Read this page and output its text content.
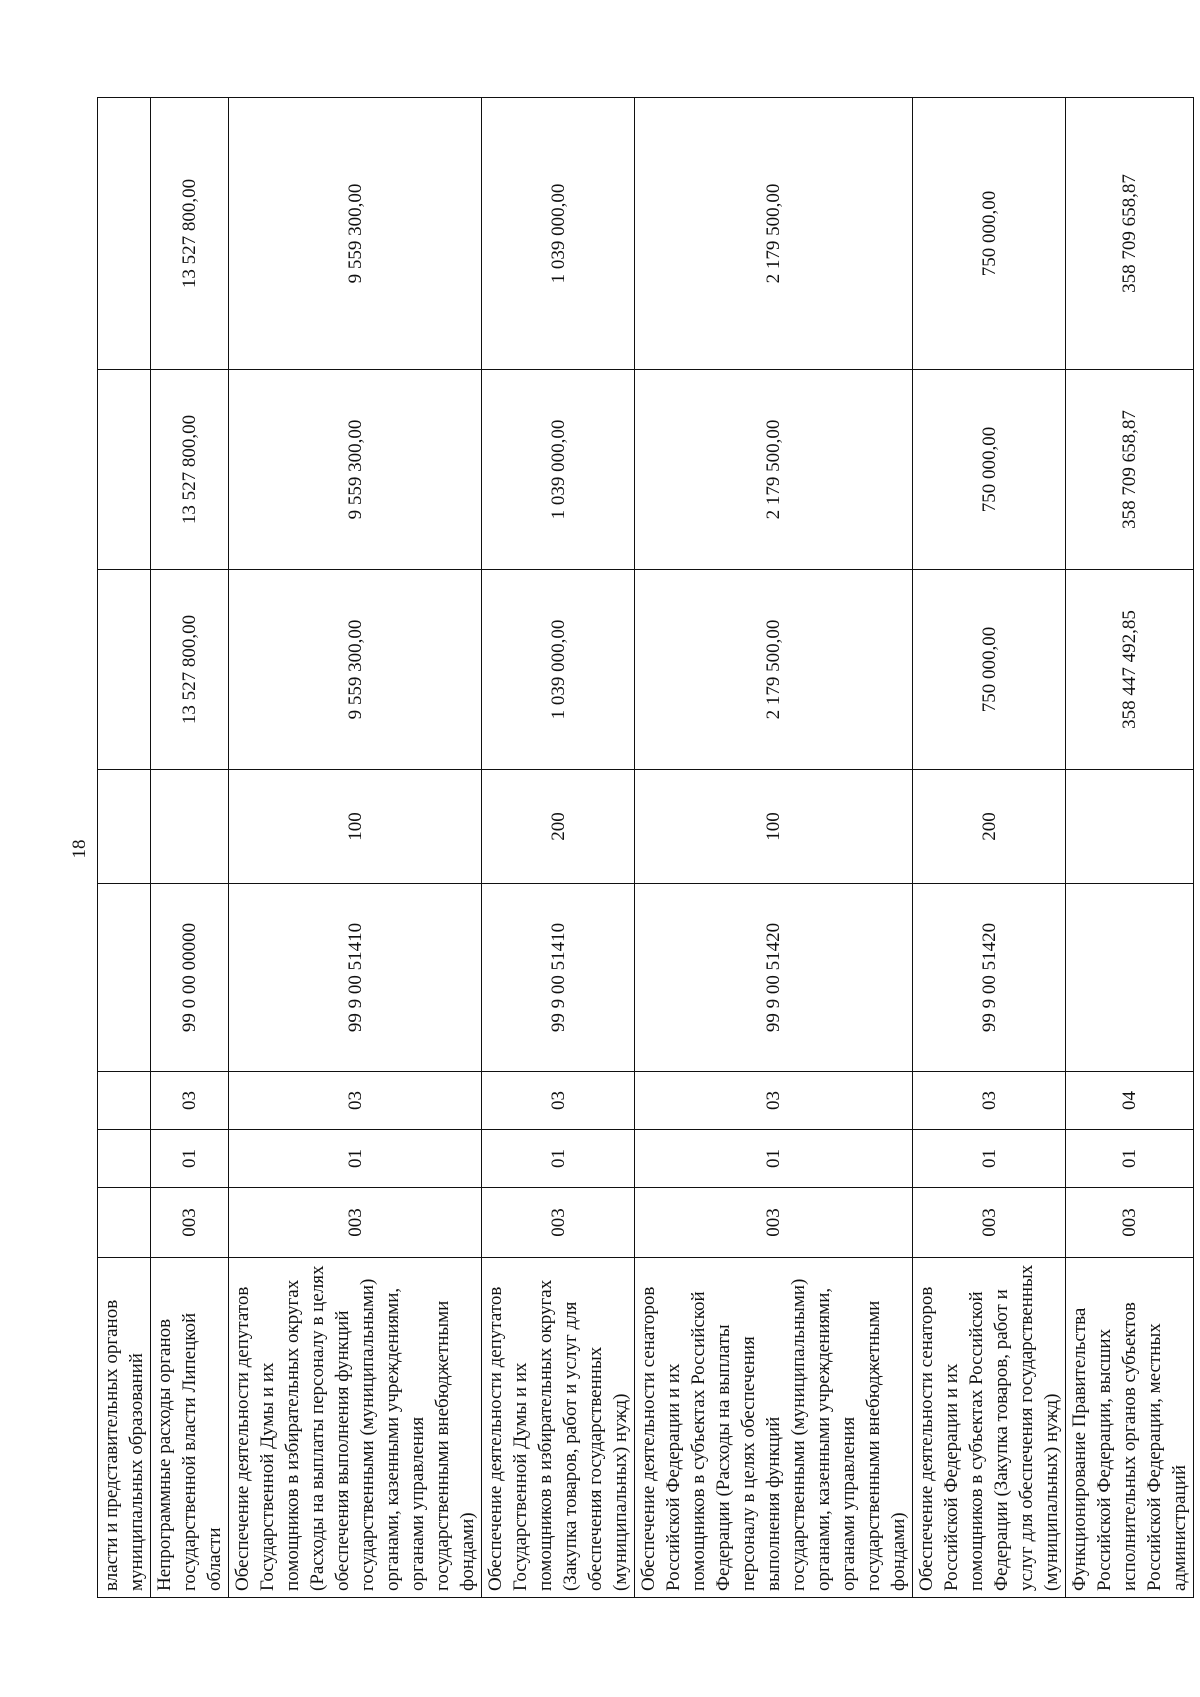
18
власти и представительных органов муниципальных образований								
Непрограммные расходы органов государственной власти Липецкой области	003	01	03	99 0 00 00000		13 527 800,00	13 527 800,00	13 527 800,00
Обеспечение деятельности депутатов Государственной Думы и их помощников в избирательных округах (Расходы на выплаты персоналу в целях обеспечения выполнения функций государственными (муниципальными) органами, казенными учреждениями, органами управления государственными внебюджетными фондами)	003	01	03	99 9 00 51410	100	9 559 300,00	9 559 300,00	9 559 300,00
Обеспечение деятельности депутатов Государственной Думы и их помощников в избирательных округах (Закупка товаров, работ и услуг для обеспечения государственных (муниципальных) нужд)	003	01	03	99 9 00 51410	200	1 039 000,00	1 039 000,00	1 039 000,00
Обеспечение деятельности сенаторов Российской Федерации и их помощников в субъектах Российской Федерации (Расходы на выплаты персоналу в целях обеспечения выполнения функций государственными (муниципальными) органами, казенными учреждениями, органами управления государственными внебюджетными фондами)	003	01	03	99 9 00 51420	100	2 179 500,00	2 179 500,00	2 179 500,00
Обеспечение деятельности сенаторов Российской Федерации и их помощников в субъектах Российской Федерации (Закупка товаров, работ и услуг для обеспечения государственных (муниципальных) нужд)	003	01	03	99 9 00 51420	200	750 000,00	750 000,00	750 000,00
Функционирование Правительства Российской Федерации, высших исполнительных органов субъектов Российской Федерации, местных администраций	003	01	04			358 447 492,85	358 709 658,87	358 709 658,87
